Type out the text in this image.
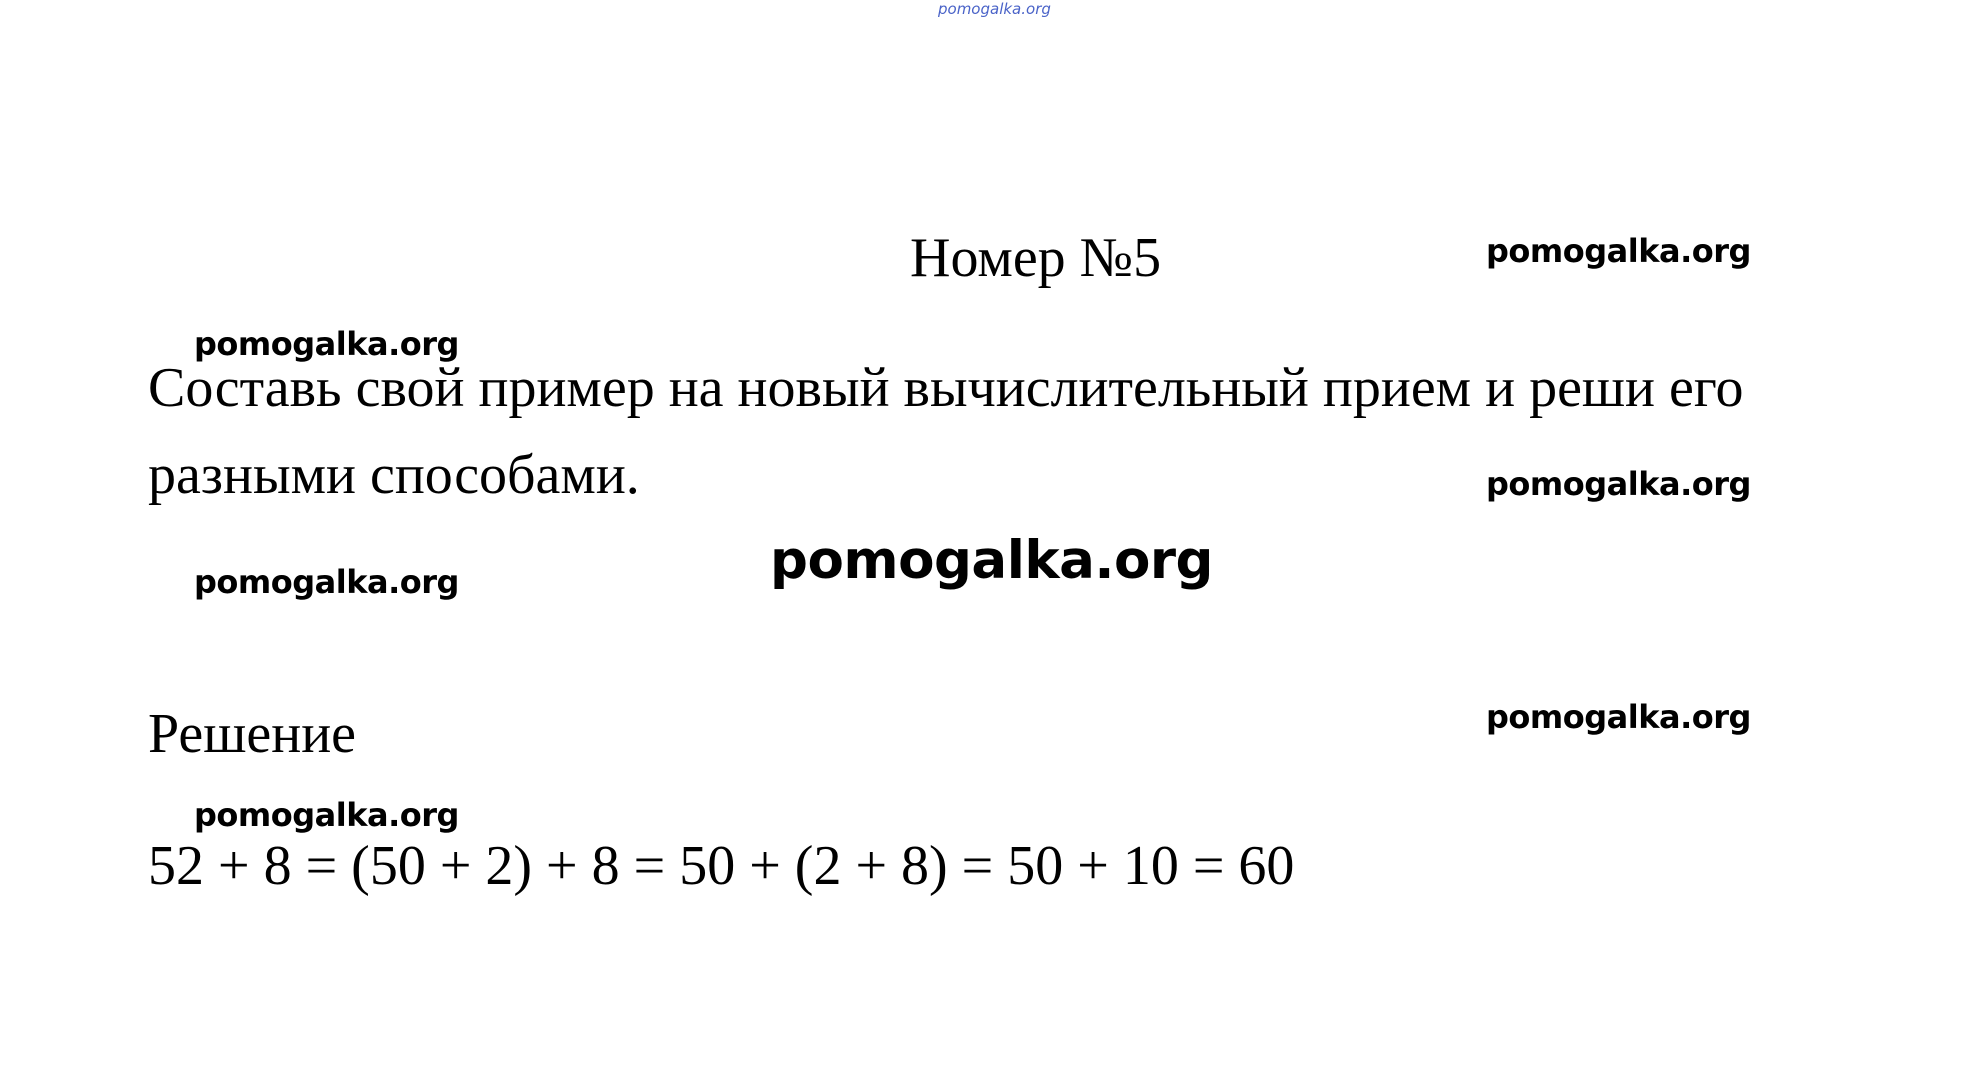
pomogalka.org
Номер №5	pomogalka.org
pomogalka.org
Составь свой пример на новый вычислительный прием и реши его
разными способами.	pomogalka.org
pomogalka.org
pomogalka.org
Решение	pomogalka.org
pomogalka.org
52 + 8 = (50 + 2) + 8 = 50 + (2 + 8) = 50 + 10 = 60
